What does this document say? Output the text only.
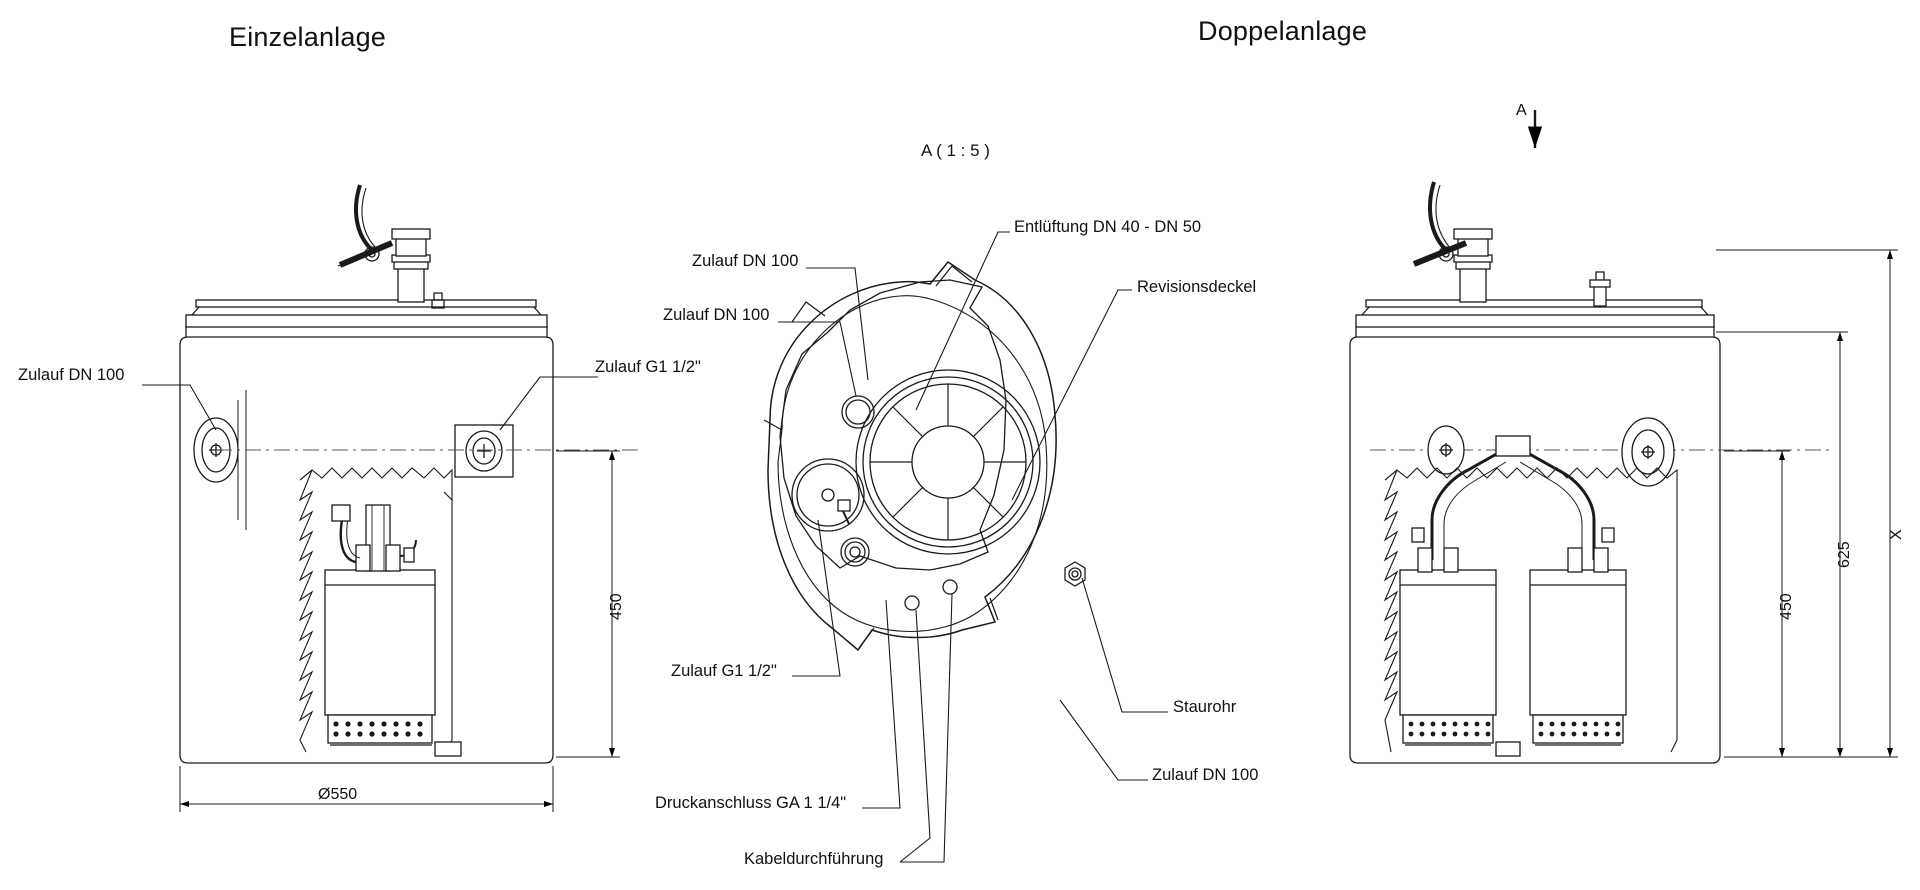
Einzelanlage	Doppelanlage
A ( 1 : 5 )
A
Zulauf DN 100	Zulauf G1 1/2"
450
Ø550
Zulauf DN 100
Zulauf DN 100
Entlüftung DN 40 - DN 50
Revisionsdeckel
Zulauf G1 1/2"
Staurohr
Zulauf DN 100
Druckanschluss GA 1 1/4"
Kabeldurchführung
625
450
X
